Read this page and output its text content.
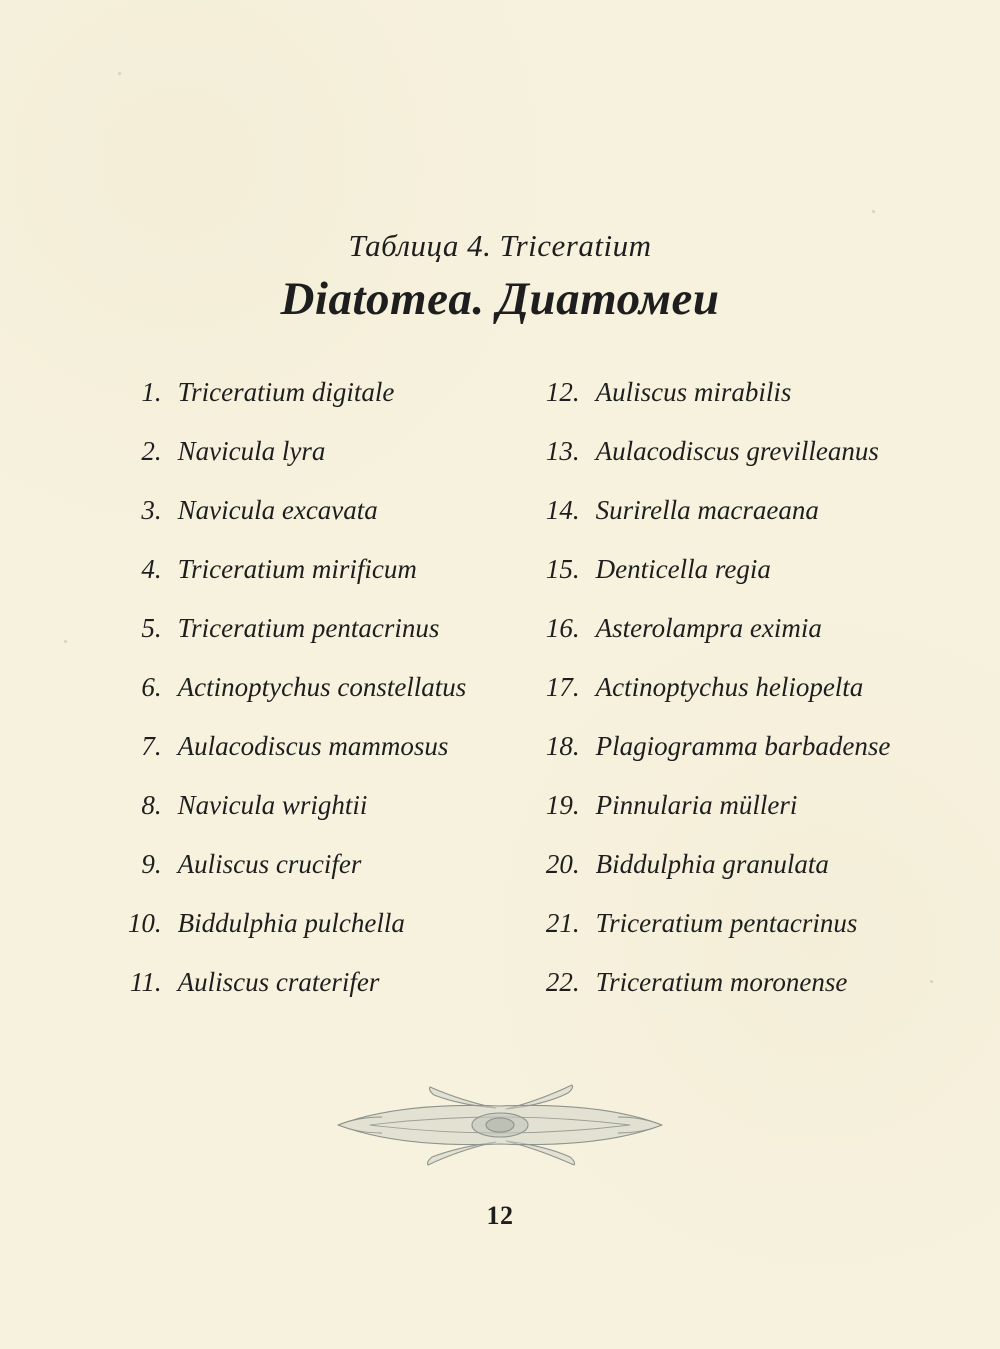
Таблица 4. Triceratium
Diatomea. Диатомеи
1. Triceratium digitale
2. Navicula lyra
3. Navicula excavata
4. Triceratium mirificum
5. Triceratium pentacrinus
6. Actinoptychus constellatus
7. Aulacodiscus mammosus
8. Navicula wrightii
9. Auliscus crucifer
10. Biddulphia pulchella
11. Auliscus craterifer
12. Auliscus mirabilis
13. Aulacodiscus grevilleanus
14. Surirella macraeana
15. Denticella regia
16. Asterolampra eximia
17. Actinoptychus heliopelta
18. Plagiogramma barbadense
19. Pinnularia mülleri
20. Biddulphia granulata
21. Triceratium pentacrinus
22. Triceratium moronense
12
